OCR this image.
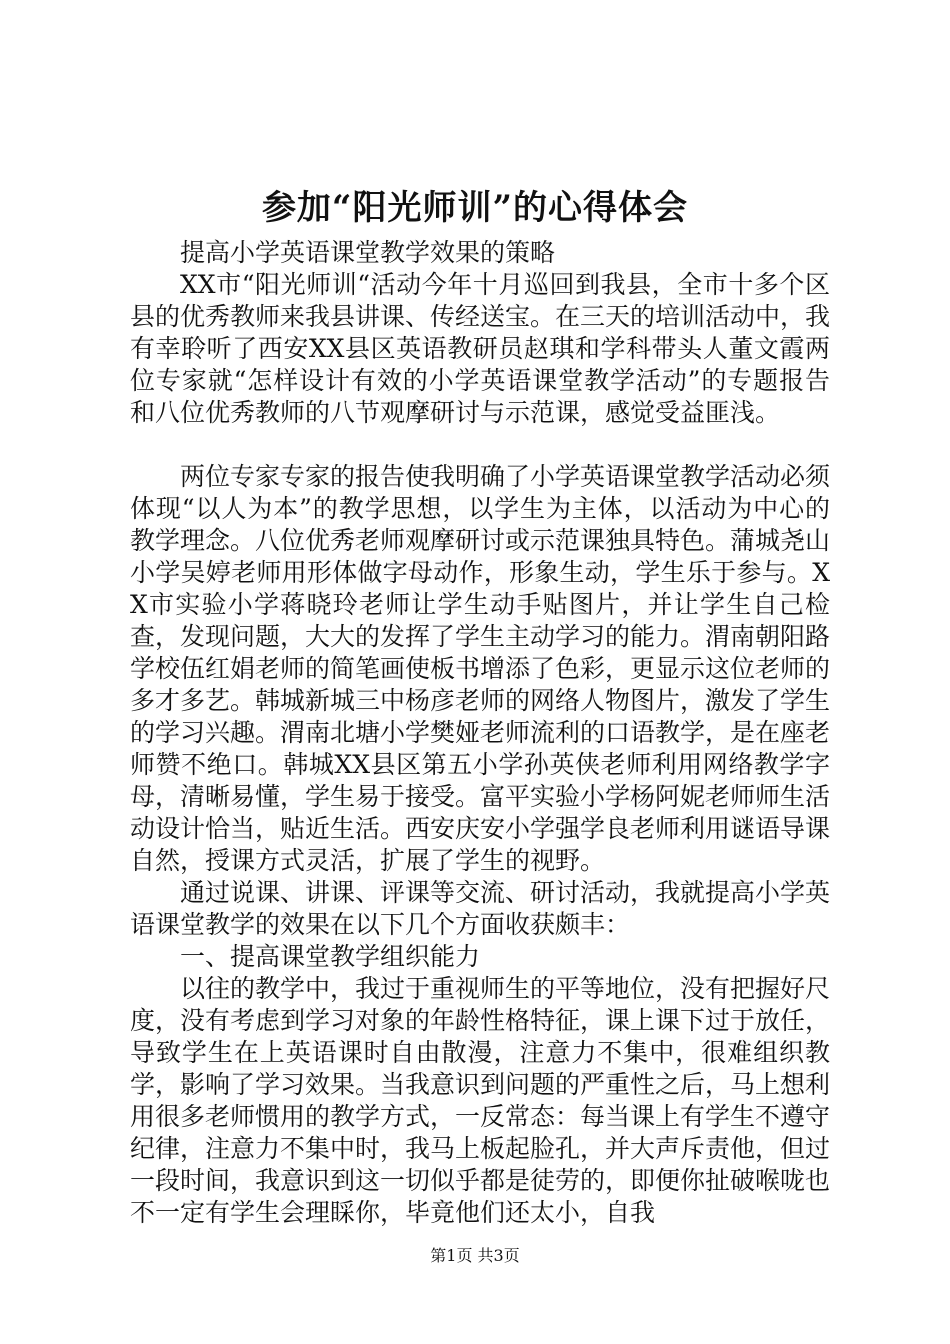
参加“阳光师训”的心得体会

提高小学英语课堂教学效果的策略

XX市“阳光师训“活动今年十月巡回到我县，全市十多个区县的优秀教师来我县讲课、传经送宝。在三天的培训活动中，我有幸聆听了西安XX县区英语教研员赵琪和学科带头人董文霞两位专家就“怎样设计有效的小学英语课堂教学活动”的专题报告和八位优秀教师的八节观摩研讨与示范课，感觉受益匪浅。

两位专家专家的报告使我明确了小学英语课堂教学活动必须体现“以人为本”的教学思想，以学生为主体，以活动为中心的教学理念。八位优秀老师观摩研讨或示范课独具特色。蒲城尧山小学吴婷老师用形体做字母动作，形象生动，学生乐于参与。XX市实验小学蒋晓玲老师让学生动手贴图片，并让学生自己检查，发现问题，大大的发挥了学生主动学习的能力。渭南朝阳路学校伍红娟老师的简笔画使板书增添了色彩，更显示这位老师的多才多艺。韩城新城三中杨彦老师的网络人物图片，激发了学生的学习兴趣。渭南北塘小学樊娅老师流利的口语教学，是在座老师赞不绝口。韩城XX县区第五小学孙英侠老师利用网络教学字母，清晰易懂，学生易于接受。富平实验小学杨阿妮老师师生活动设计恰当，贴近生活。西安庆安小学强学良老师利用谜语导课自然，授课方式灵活，扩展了学生的视野。

通过说课、讲课、评课等交流、研讨活动，我就提高小学英语课堂教学的效果在以下几个方面收获颇丰：

一、提高课堂教学组织能力

以往的教学中，我过于重视师生的平等地位，没有把握好尺度，没有考虑到学习对象的年龄性格特征，课上课下过于放任，导致学生在上英语课时自由散漫，注意力不集中，很难组织教学，影响了学习效果。当我意识到问题的严重性之后，马上想利用很多老师惯用的教学方式，一反常态：每当课上有学生不遵守纪律，注意力不集中时，我马上板起脸孔，并大声斥责他，但过一段时间，我意识到这一切似乎都是徒劳的，即便你扯破喉咙也不一定有学生会理睬你，毕竟他们还太小，自我

第1页 共3页
